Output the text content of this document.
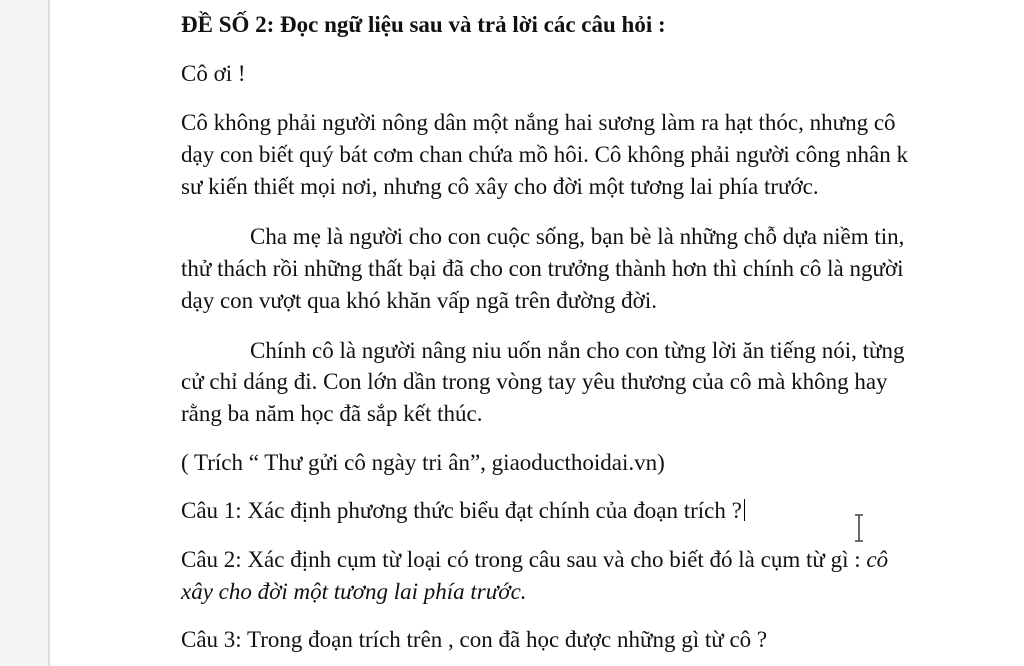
ĐỀ SỐ 2: Đọc ngữ liệu sau và trả lời các câu hỏi :
Cô ơi !
Cô không phải người nông dân một nắng hai sương làm ra hạt thóc, nhưng cô
dạy con biết quý bát cơm chan chứa mồ hôi. Cô không phải người công nhân k
sư kiến thiết mọi nơi, nhưng cô xây cho đời một tương lai phía trước.
Cha mẹ là người cho con cuộc sống, bạn bè là những chỗ dựa niềm tin,
thử thách rồi những thất bại đã cho con trưởng thành hơn thì chính cô là người
dạy con vượt qua khó khăn vấp ngã trên đường đời.
Chính cô là người nâng niu uốn nắn cho con từng lời ăn tiếng nói, từng
cử chỉ dáng đi. Con lớn dần trong vòng tay yêu thương của cô mà không hay
rằng ba năm học đã sắp kết thúc.
( Trích “ Thư gửi cô ngày tri ân”, giaoducthoidai.vn)
Câu 1: Xác định phương thức biểu đạt chính của đoạn trích ?
Câu 2: Xác định cụm từ loại có trong câu sau và cho biết đó là cụm từ gì : cô
xây cho đời một tương lai phía trước.
Câu 3: Trong đoạn trích trên , con đã học được những gì từ cô ?
